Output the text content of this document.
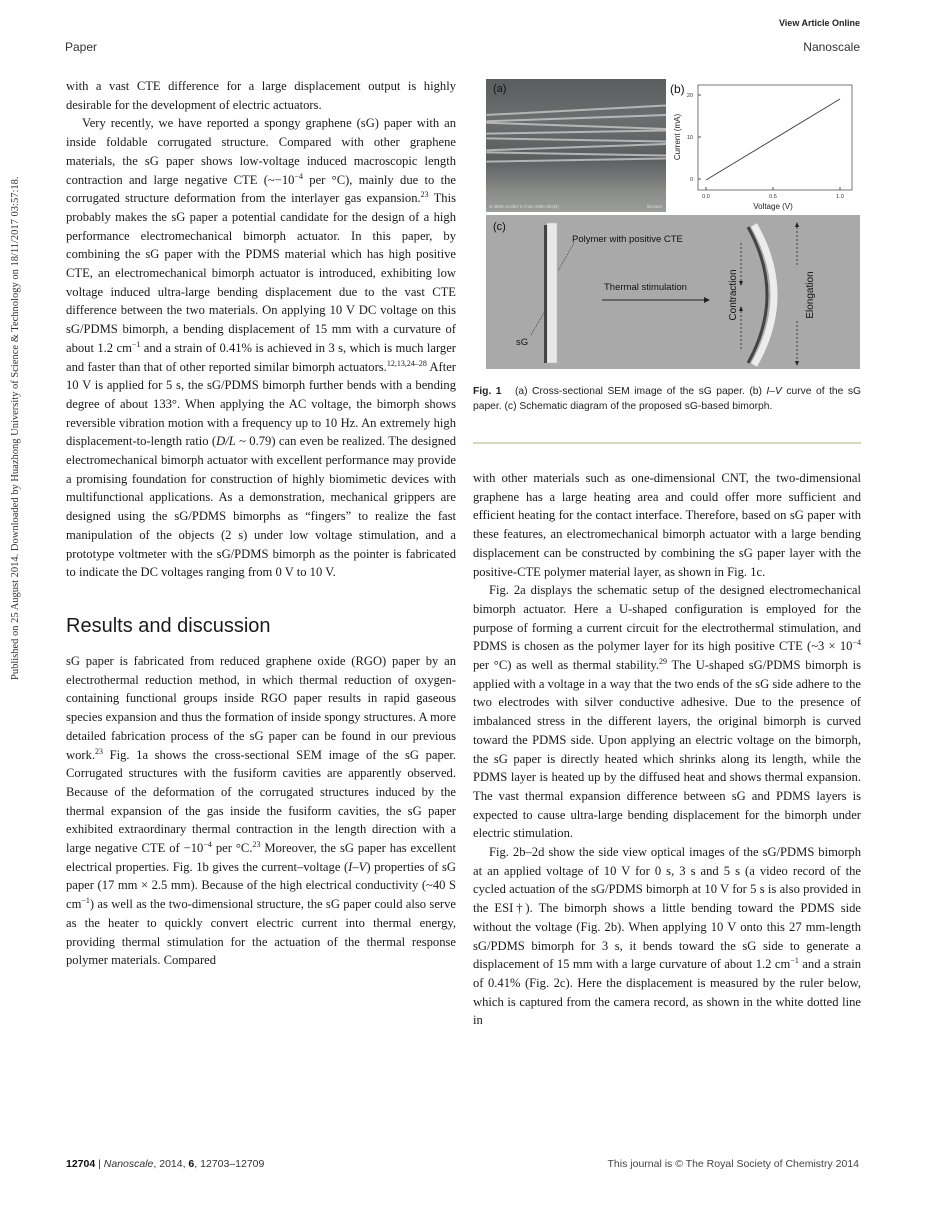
View Article Online
Paper	Nanoscale
Published on 25 August 2014. Downloaded by Huazhong University of Science & Technology on 18/11/2017 03:57:18.

with a vast CTE difference for a large displacement output is highly desirable for the development of electric actuators.

Very recently, we have reported a spongy graphene (sG) paper with an inside foldable corrugated structure. Compared with other graphene materials, the sG paper shows low-voltage induced macroscopic length contraction and large negative CTE ($\sim-10^{-4}$ per °C), mainly due to the corrugated structure deformation from the interlayer gas expansion.$^{23}$ This probably makes the sG paper a potential candidate for the design of a high performance electromechanical bimorph actuator. In this paper, by combining the sG paper with the PDMS material which has high positive CTE, an electromechanical bimorph actuator is introduced, exhibiting low voltage induced ultra-large bending displacement due to the vast CTE difference between the two materials. On applying 10 V DC voltage on this sG/PDMS bimorph, a bending displacement of 15 mm with a curvature of about 1.2 $cm^{-1}$ and a strain of 0.41% is achieved in 3 s, which is much larger and faster than that of other reported similar bimorph actuators.$^{12,13,24-28}$ After 10 V is applied for 5 s, the sG/PDMS bimorph further bends with a bending degree of about 133°. When applying the AC voltage, the bimorph shows reversible vibration motion with a frequency up to 10 Hz. An extremely high displacement-to-length ratio (D/L ~ 0.79) can even be realized. The designed electromechanical bimorph actuator with excellent performance may provide a promising foundation for construction of highly biomimetic devices with multifunctional applications. As a demonstration, mechanical grippers are designed using the sG/PDMS bimorphs as “fingers” to realize the fast manipulation of the objects (2 s) under low voltage stimulation, and a prototype voltmeter with the sG/PDMS bimorph as the pointer is fabricated to indicate the DC voltages ranging from 0 V to 10 V.

Results and discussion

sG paper is fabricated from reduced graphene oxide (RGO) paper by an electrothermal reduction method, in which thermal reduction of oxygen-containing functional groups inside RGO paper results in rapid gaseous species expansion and thus the formation of inside spongy structures. A more detailed fabrication process of the sG paper can be found in our previous work.$^{23}$ Fig. 1a shows the cross-sectional SEM image of the sG paper. Corrugated structures with the fusiform cavities are apparently observed. Because of the deformation of the corrugated structures induced by the thermal expansion of the gas inside the fusiform cavities, the sG paper exhibited extraordinary thermal contraction in the length direction with a large negative CTE of $-10^{-4}$ per °C.$^{23}$ Moreover, the sG paper has excellent electrical properties. Fig. 1b gives the current–voltage (I–V) properties of sG paper (17 mm × 2.5 mm). Because of the high electrical conductivity (~40 S $cm^{-1}$) as well as the two-dimensional structure, the sG paper could also serve as the heater to quickly convert electric current into thermal energy, providing thermal stimulation for the actuation of the thermal response polymer materials. Compared

(a)
S-4800 10.0kV 6.7mm x900 SE(M)	50.0um
(b)
0
10
20
0.0	0.5	1.0
Voltage (V)
Current (mA)
Contraction	Elongation
(c)
Polymer with positive CTE
Thermal stimulation
sG
Fig. 1 (a) Cross-sectional SEM image of the sG paper. (b) I–V curve of the sG paper. (c) Schematic diagram of the proposed sG-based bimorph.

with other materials such as one-dimensional CNT, the two-dimensional graphene has a large heating area and could offer more sufficient and efficient heating for the contact interface. Therefore, based on sG paper with these features, an electromechanical bimorph actuator with a large bending displacement can be constructed by combining the sG paper layer with the positive-CTE polymer material layer, as shown in Fig. 1c.

Fig. 2a displays the schematic setup of the designed electromechanical bimorph actuator. Here a U-shaped configuration is employed for the purpose of forming a current circuit for the electrothermal stimulation, and PDMS is chosen as the polymer layer for its high positive CTE (~3 × $10^{-4}$ per °C) as well as thermal stability.$^{29}$ The U-shaped sG/PDMS bimorph is applied with a voltage in a way that the two ends of the sG side adhere to the two electrodes with silver conductive adhesive. Due to the presence of imbalanced stress in the different layers, the original bimorph is curved toward the PDMS side. Upon applying an electric voltage on the bimorph, the sG paper is directly heated which shrinks along its length, while the PDMS layer is heated up by the diffused heat and shows thermal expansion. The vast thermal expansion difference between sG and PDMS layers is expected to cause ultra-large bending displacement for the bimorph under electric stimulation.

Fig. 2b–2d show the side view optical images of the sG/PDMS bimorph at an applied voltage of 10 V for 0 s, 3 s and 5 s (a video record of the cycled actuation of the sG/PDMS bimorph at 10 V for 5 s is also provided in the ESI†). The bimorph shows a little bending toward the PDMS side without the voltage (Fig. 2b). When applying 10 V onto this 27 mm-length sG/PDMS bimorph for 3 s, it bends toward the sG side to generate a displacement of 15 mm with a large curvature of about 1.2 $cm^{-1}$ and a strain of 0.41% (Fig. 2c). Here the displacement is measured by the ruler below, which is captured from the camera record, as shown in the white dotted line in

12704 | Nanoscale, 2014, 6, 12703–12709	This journal is © The Royal Society of Chemistry 2014
